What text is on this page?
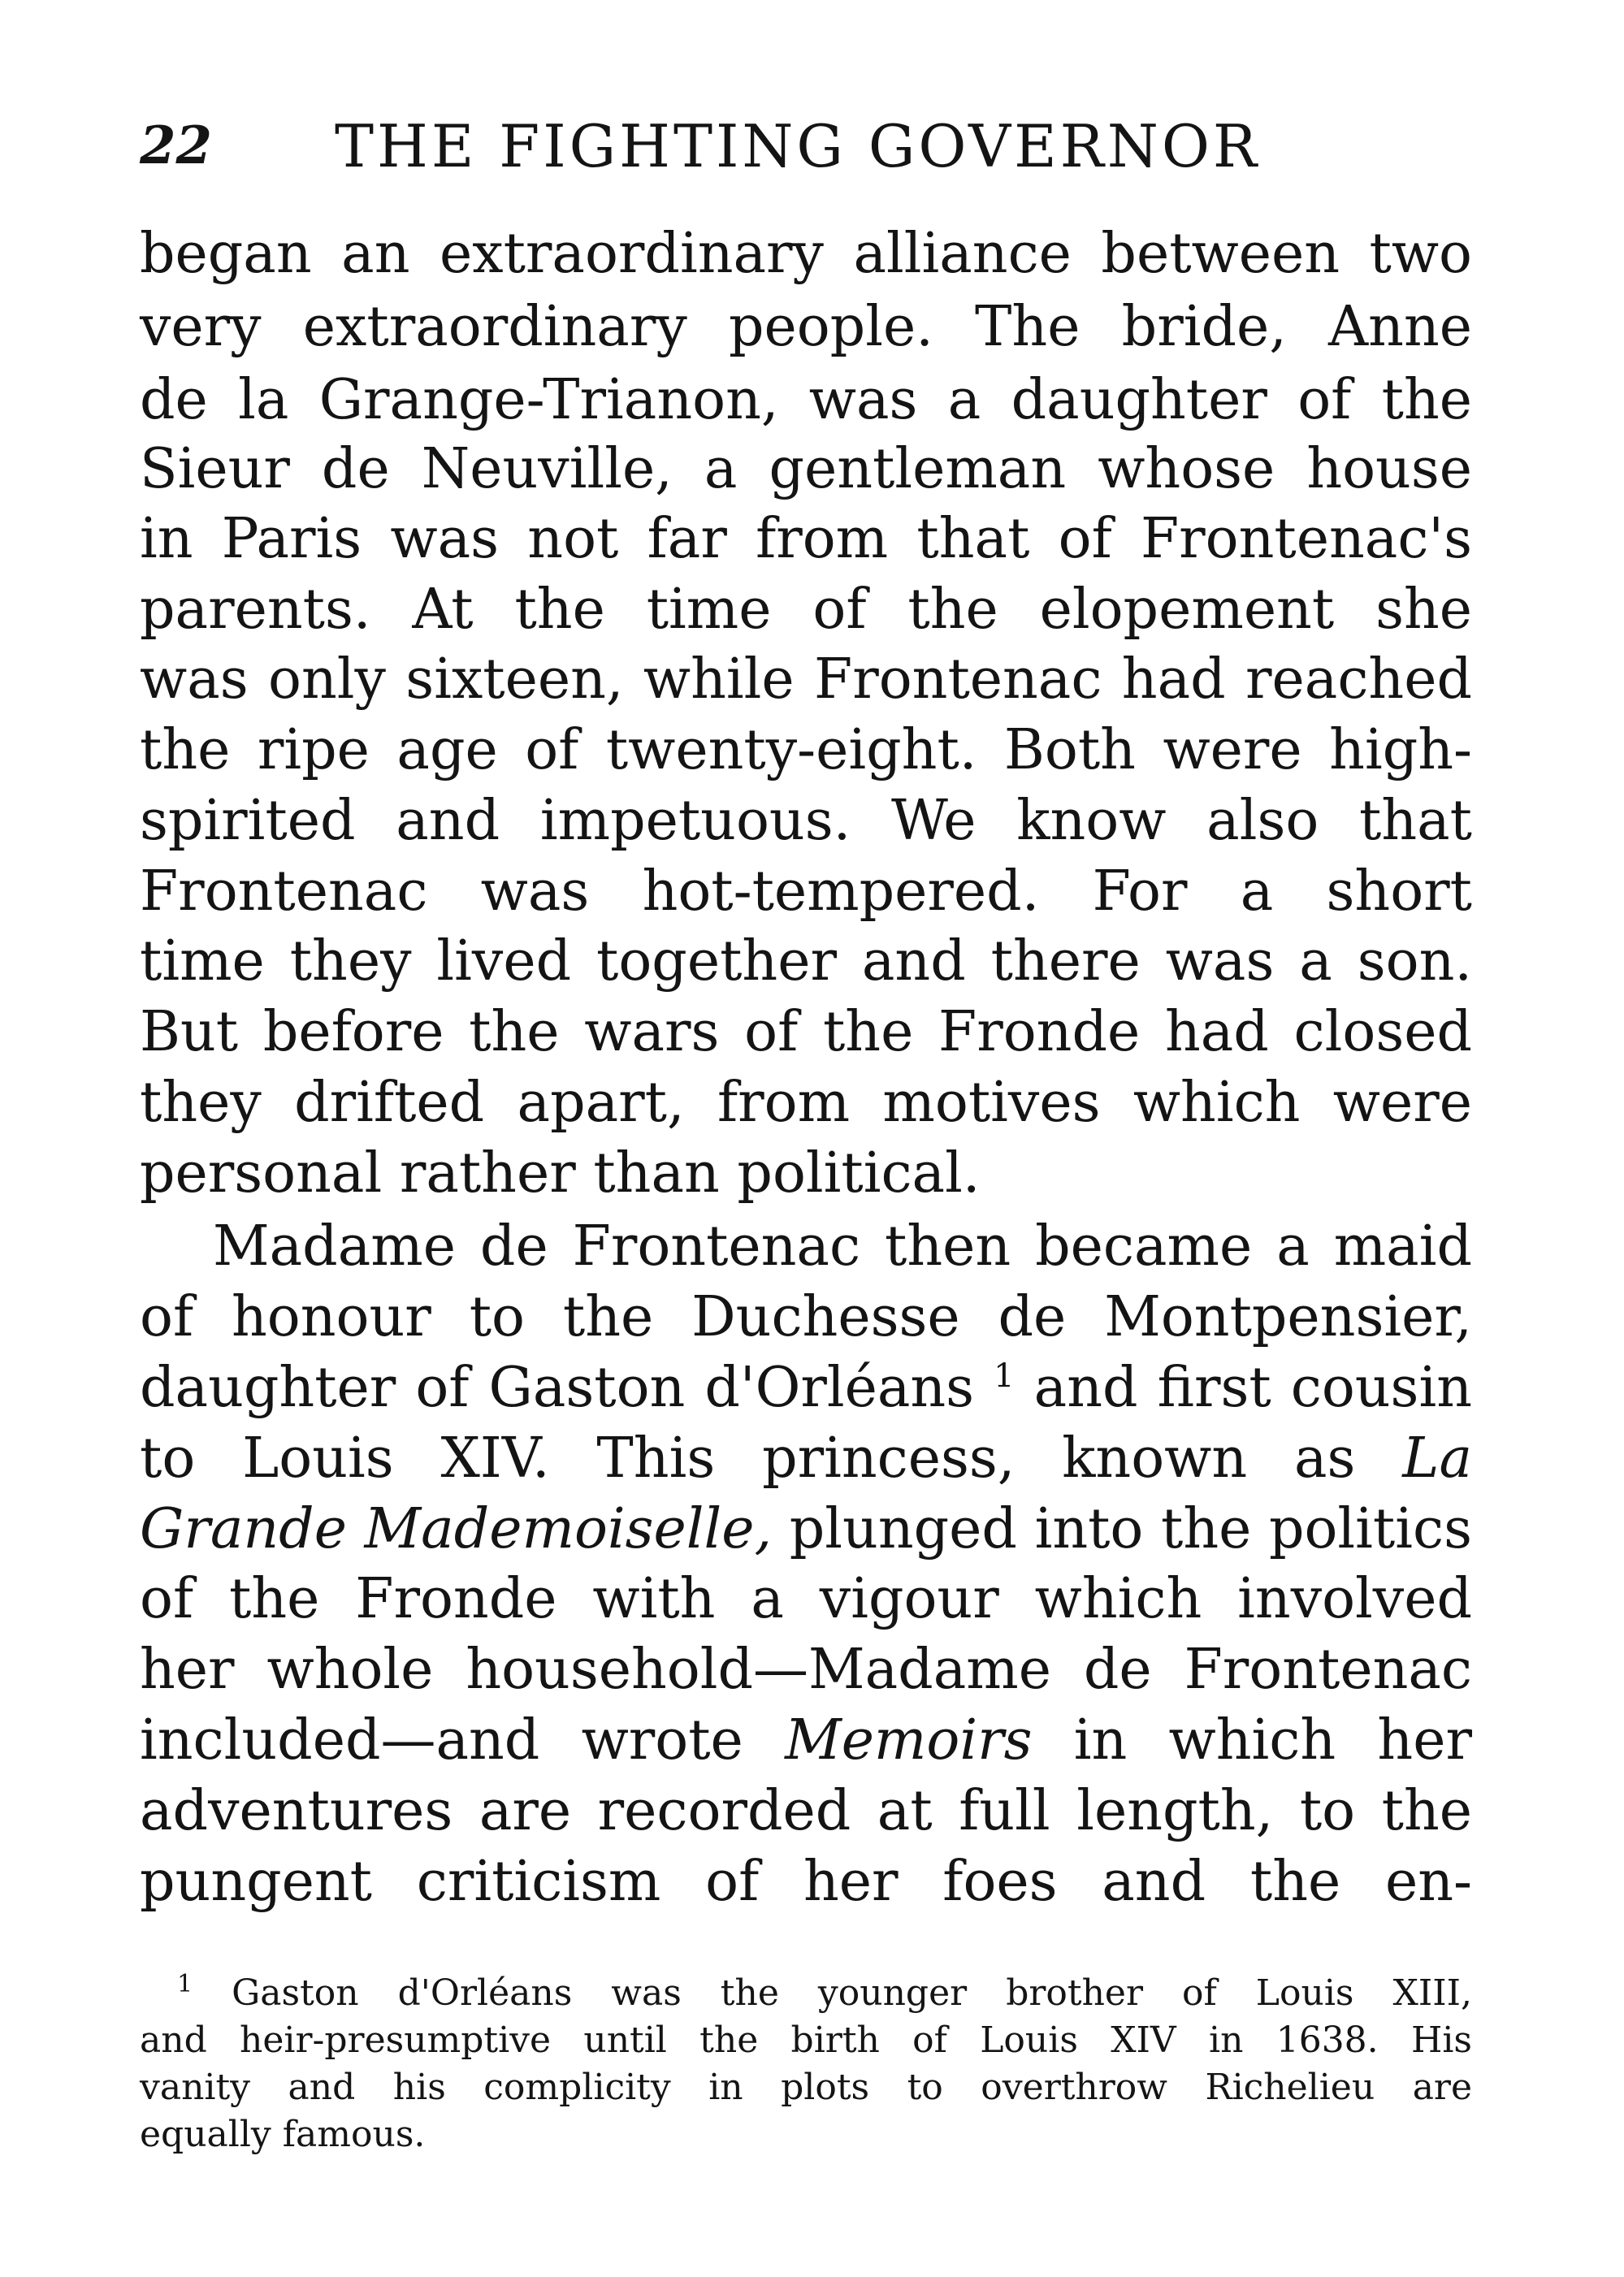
22 THE FIGHTING GOVERNOR
began an extraordinary alliance between two
very extraordinary people. The bride, Anne
de la Grange-Trianon, was a daughter of the
Sieur de Neuville, a gentleman whose house
in Paris was not far from that of Frontenac's
parents. At the time of the elopement she
was only sixteen, while Frontenac had reached
the ripe age of twenty-eight. Both were high-
spirited and impetuous. We know also that
Frontenac was hot-tempered. For a short
time they lived together and there was a son.
But before the wars of the Fronde had closed
they drifted apart, from motives which were
personal rather than political.
Madame de Frontenac then became a maid
of honour to the Duchesse de Montpensier,
daughter of Gaston d'Orléans $^1$ and first cousin
to Louis XIV. This princess, known as La
Grande Mademoiselle, plunged into the politics
of the Fronde with a vigour which involved
her whole household—Madame de Frontenac
included—and wrote Memoirs in which her
adventures are recorded at full length, to the
pungent criticism of her foes and the en-
$^1$ Gaston d'Orléans was the younger brother of Louis XIII,
and heir-presumptive until the birth of Louis XIV in 1638. His
vanity and his complicity in plots to overthrow Richelieu are
equally famous.
